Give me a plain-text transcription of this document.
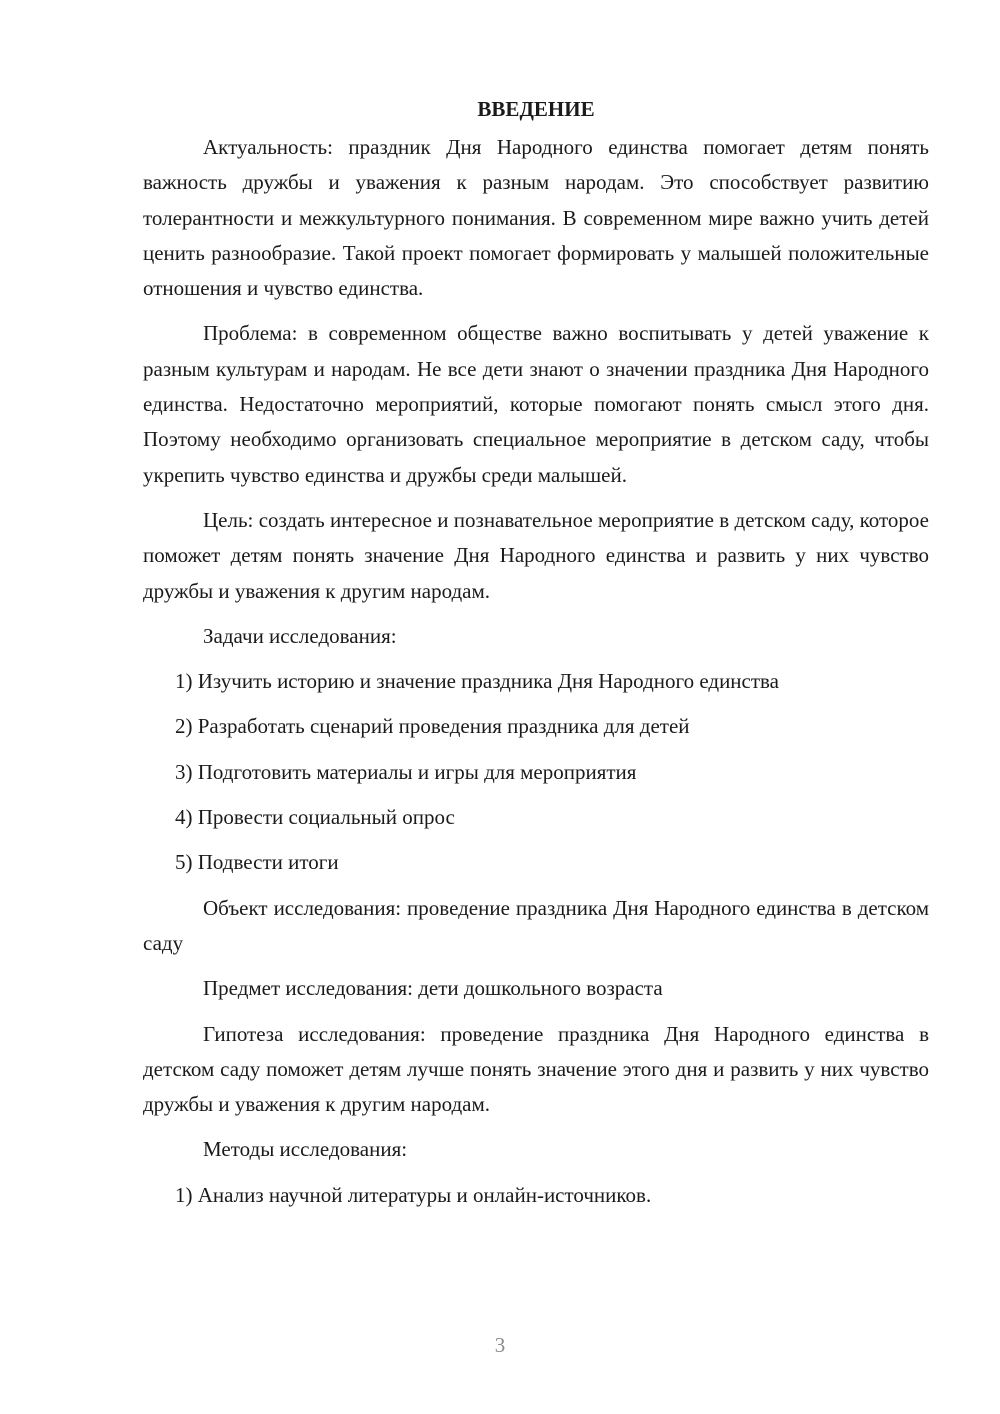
ВВЕДЕНИЕ

Актуальность: праздник Дня Народного единства помогает детям понять важность дружбы и уважения к разным народам. Это способствует развитию толерантности и межкультурного понимания. В современном мире важно учить детей ценить разнообразие. Такой проект помогает формировать у малышей положительные отношения и чувство единства.

Проблема: в современном обществе важно воспитывать у детей уважение к разным культурам и народам. Не все дети знают о значении праздника Дня Народного единства. Недостаточно мероприятий, которые помогают понять смысл этого дня. Поэтому необходимо организовать специальное мероприятие в детском саду, чтобы укрепить чувство единства и дружбы среди малышей.

Цель: создать интересное и познавательное мероприятие в детском саду, которое поможет детям понять значение Дня Народного единства и развить у них чувство дружбы и уважения к другим народам.

Задачи исследования:

1) Изучить историю и значение праздника Дня Народного единства
2) Разработать сценарий проведения праздника для детей
3) Подготовить материалы и игры для мероприятия
4) Провести социальный опрос
5) Подвести итоги

Объект исследования: проведение праздника Дня Народного единства в детском саду

Предмет исследования: дети дошкольного возраста

Гипотеза исследования: проведение праздника Дня Народного единства в детском саду поможет детям лучше понять значение этого дня и развить у них чувство дружбы и уважения к другим народам.

Методы исследования:

1) Анализ научной литературы и онлайн-источников.
3
